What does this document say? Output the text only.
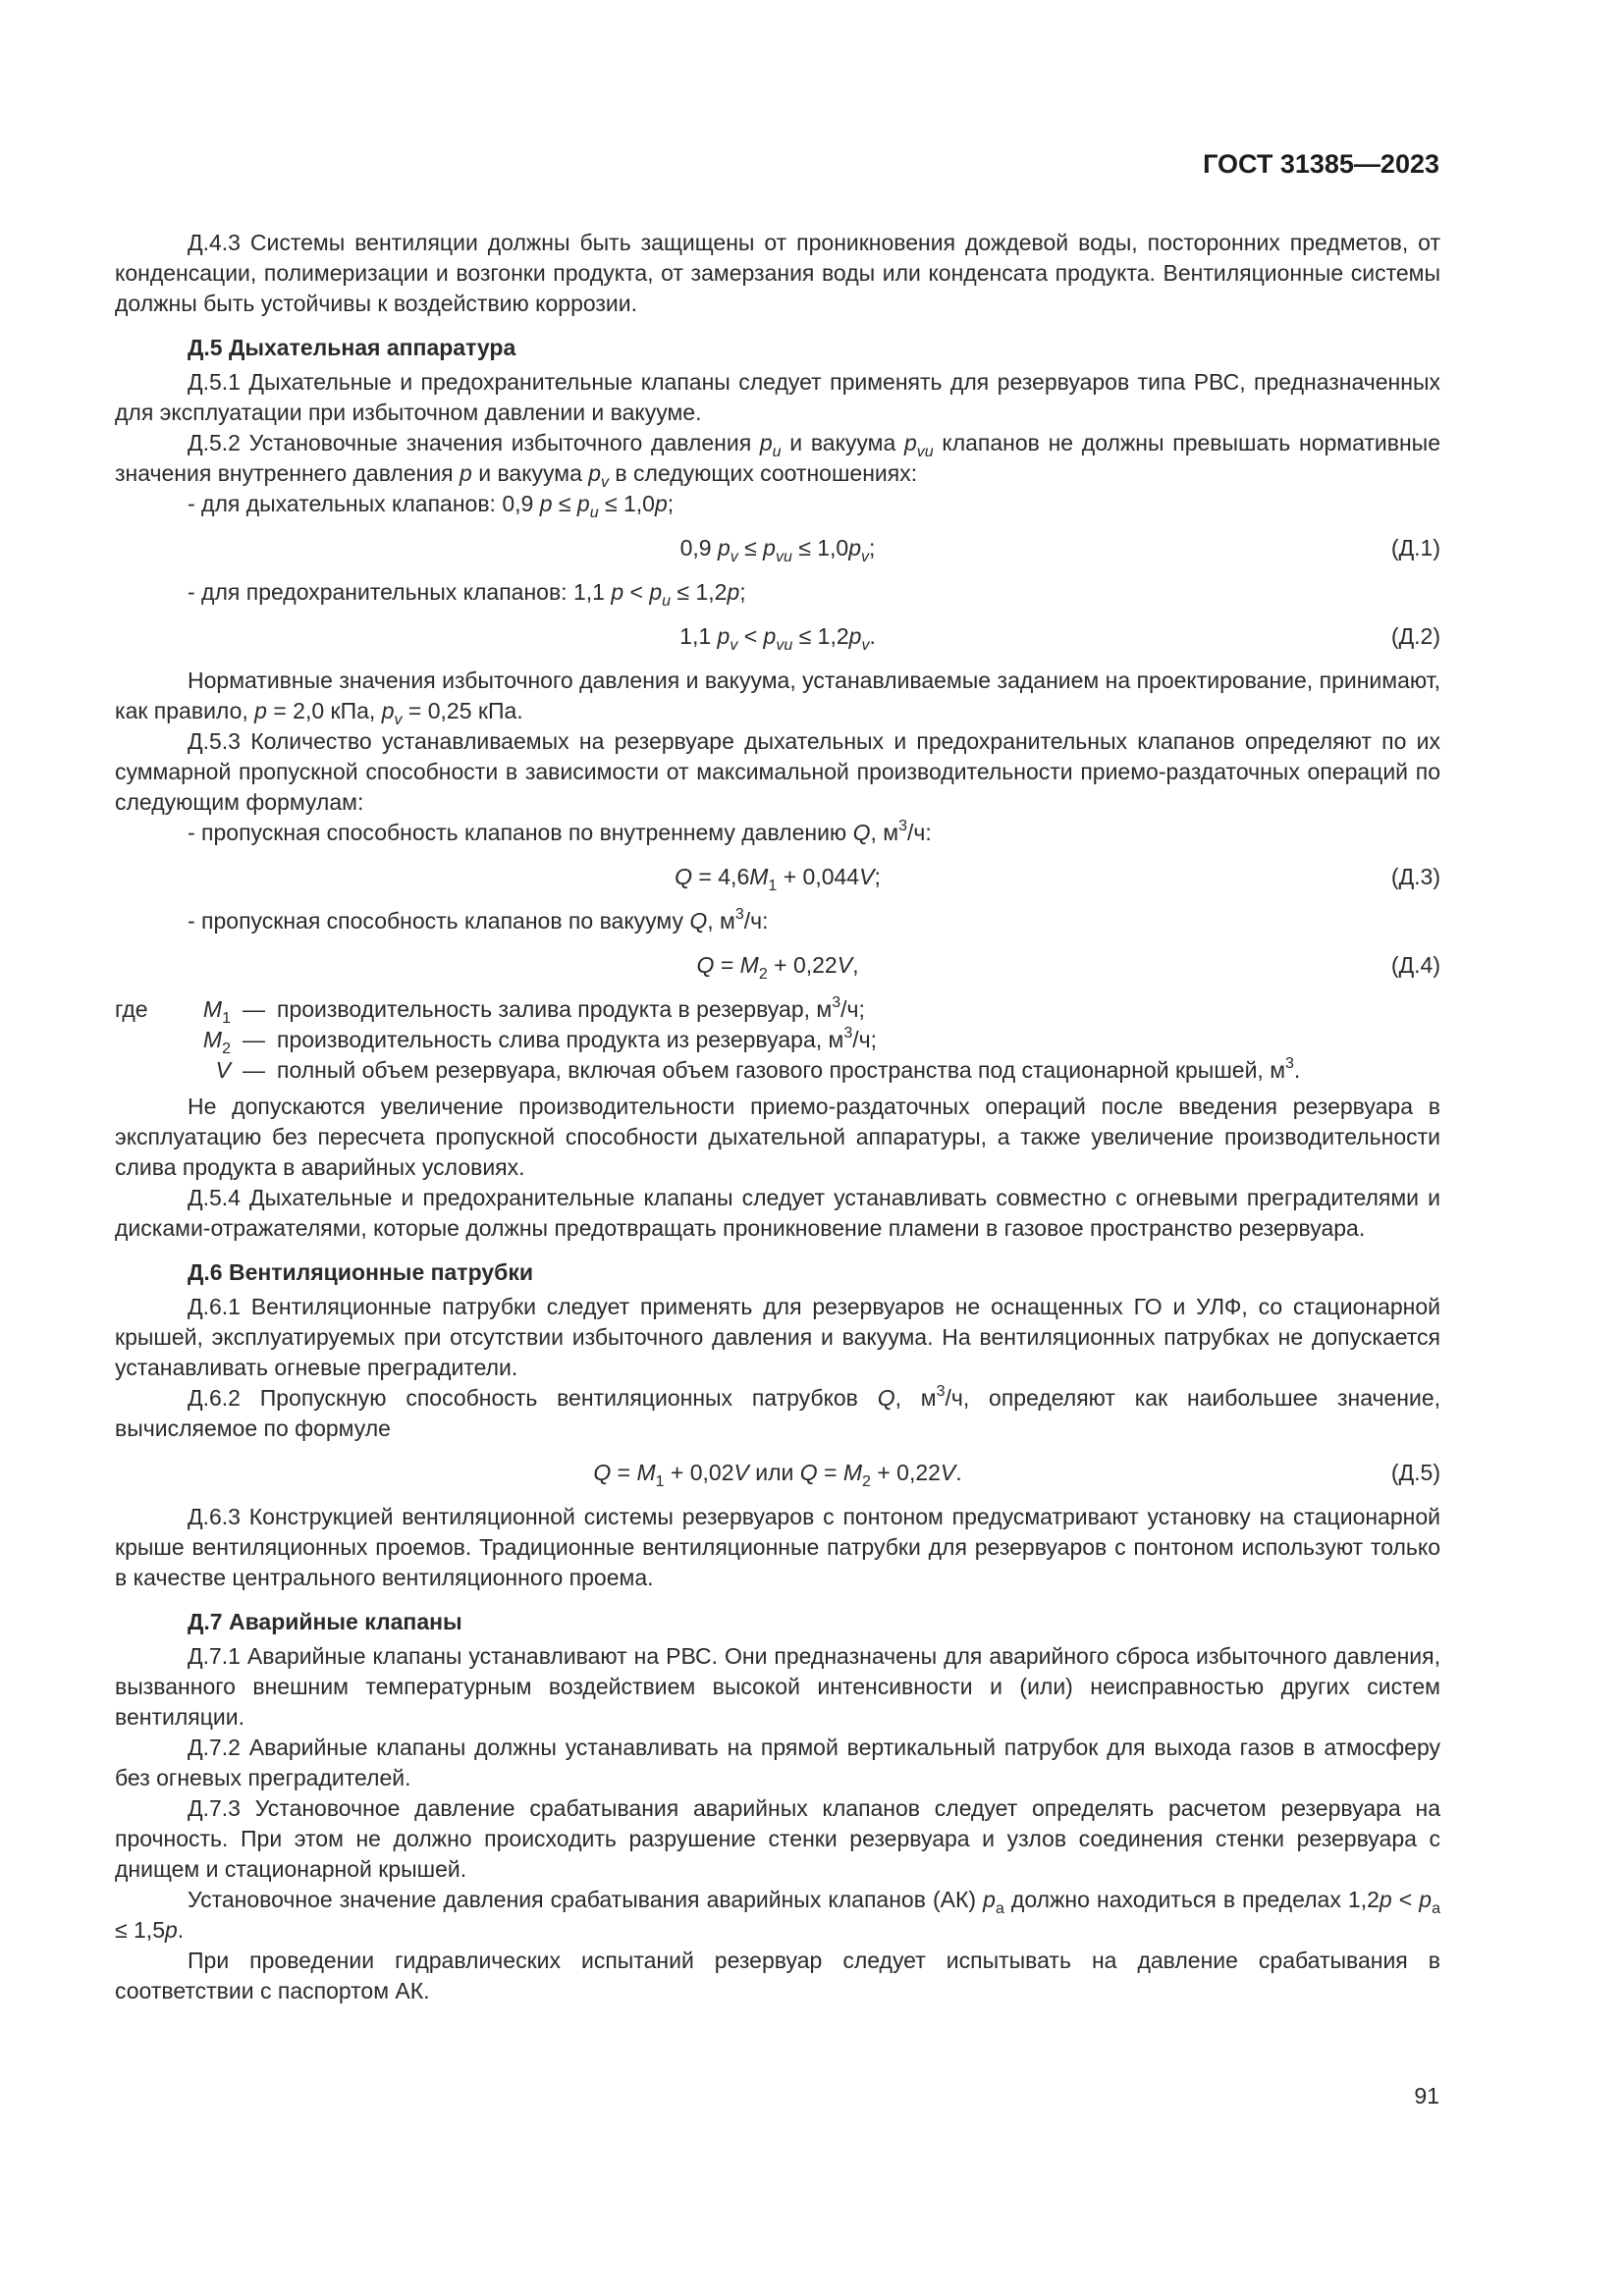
ГОСТ 31385—2023

Д.4.3 Системы вентиляции должны быть защищены от проникновения дождевой воды, посторонних предметов, от конденсации, полимеризации и возгонки продукта, от замерзания воды или конденсата продукта. Вентиляционные системы должны быть устойчивы к воздействию коррозии.

Д.5 Дыхательная аппаратура

Д.5.1 Дыхательные и предохранительные клапаны следует применять для резервуаров типа РВС, предназначенных для эксплуатации при избыточном давлении и вакууме.

Д.5.2 Установочные значения избыточного давления $p_u$ и вакуума $p_{vu}$ клапанов не должны превышать нормативные значения внутреннего давления p и вакуума $p_v$ в следующих соотношениях:

- для дыхательных клапанов: 0,9 $p \le p_u \le 1,0p$;

0,9 $p_v \le p_{vu} \le 1,0p_v$;	(Д.1)

- для предохранительных клапанов: 1,1 $p < p_u \le 1,2p$;

1,1 $p_v < p_{vu} \le 1,2p_v$.	(Д.2)

Нормативные значения избыточного давления и вакуума, устанавливаемые заданием на проектирование, принимают, как правило, p = 2,0 кПа, $p_v = 0,25$ кПа.

Д.5.3 Количество устанавливаемых на резервуаре дыхательных и предохранительных клапанов определяют по их суммарной пропускной способности в зависимости от максимальной производительности приемо-раздаточных операций по следующим формулам:

- пропускная способность клапанов по внутреннему давлению Q, $м^3/ч$:

$Q = 4,6M_1 + 0,044V$;	(Д.3)

- пропускная способность клапанов по вакууму Q, $м^3/ч$:

$Q = M_2 + 0,22V$,	(Д.4)
где $M_1$ — производительность залива продукта в резервуар, $м^3/ч$;
$M_2$ — производительность слива продукта из резервуара, $м^3/ч$;
V — полный объем резервуара, включая объем газового пространства под стационарной крышей, $м^3$.

Не допускаются увеличение производительности приемо-раздаточных операций после введения резервуара в эксплуатацию без пересчета пропускной способности дыхательной аппаратуры, а также увеличение производительности слива продукта в аварийных условиях.

Д.5.4 Дыхательные и предохранительные клапаны следует устанавливать совместно с огневыми преградителями и дисками-отражателями, которые должны предотвращать проникновение пламени в газовое пространство резервуара.

Д.6 Вентиляционные патрубки

Д.6.1 Вентиляционные патрубки следует применять для резервуаров не оснащенных ГО и УЛФ, со стационарной крышей, эксплуатируемых при отсутствии избыточного давления и вакуума. На вентиляционных патрубках не допускается устанавливать огневые преградители.

Д.6.2 Пропускную способность вентиляционных патрубков Q, $м^3/ч$, определяют как наибольшее значение, вычисляемое по формуле

$Q = M_1 + 0,02V$ или $Q = M_2 + 0,22V$.	(Д.5)

Д.6.3 Конструкцией вентиляционной системы резервуаров с понтоном предусматривают установку на стационарной крыше вентиляционных проемов. Традиционные вентиляционные патрубки для резервуаров с понтоном используют только в качестве центрального вентиляционного проема.

Д.7 Аварийные клапаны

Д.7.1 Аварийные клапаны устанавливают на РВС. Они предназначены для аварийного сброса избыточного давления, вызванного внешним температурным воздействием высокой интенсивности и (или) неисправностью других систем вентиляции.

Д.7.2 Аварийные клапаны должны устанавливать на прямой вертикальный патрубок для выхода газов в атмосферу без огневых преградителей.

Д.7.3 Установочное давление срабатывания аварийных клапанов следует определять расчетом резервуара на прочность. При этом не должно происходить разрушение стенки резервуара и узлов соединения стенки резервуара с днищем и стационарной крышей.

Установочное значение давления срабатывания аварийных клапанов (АК) $p_а$ должно находиться в пределах $1,2p < p_а \le 1,5p$.

При проведении гидравлических испытаний резервуар следует испытывать на давление срабатывания в соответствии с паспортом АК.

91
